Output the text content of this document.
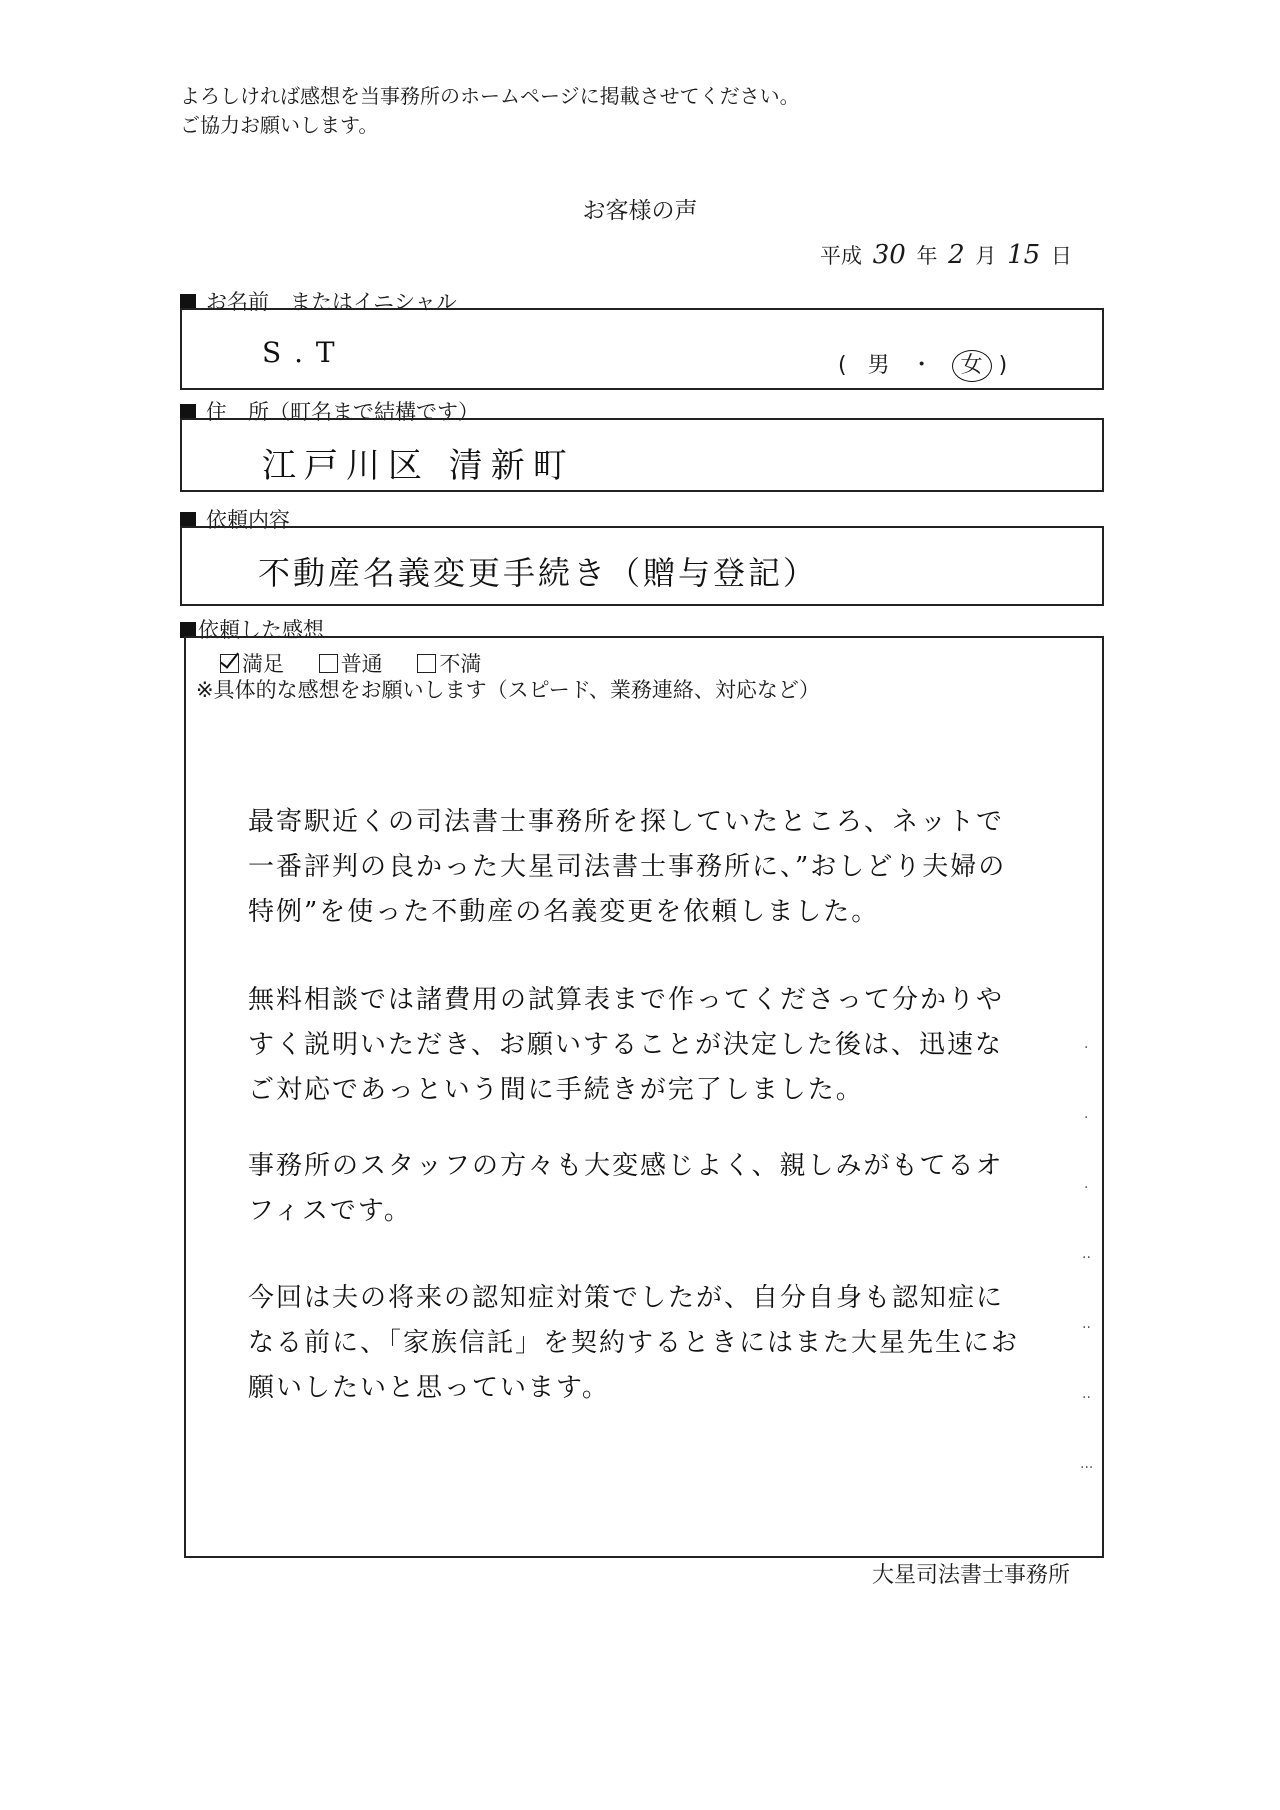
よろしければ感想を当事務所のホームページに掲載させてください。
ご協力お願いします。
お客様の声
平成 30 年 2 月 15 日
お名前　またはイニシャル
S . T	( 男 ・ 女 )
住　所（町名まで結構です）
江戸川区 清新町
依頼内容
不動産名義変更手続き（贈与登記）
依頼した感想
満足	普通	不満
※具体的な感想をお願いします（スピード、業務連絡、対応など）
最寄駅近くの司法書士事務所を探していたところ、ネットで一番評判の良かった大星司法書士事務所に、”おしどり夫婦の特例”を使った不動産の名義変更を依頼しました。
無料相談では諸費用の試算表まで作ってくださって分かりやすく説明いただき、お願いすることが決定した後は、迅速なご対応であっという間に手続きが完了しました。
事務所のスタッフの方々も大変感じよく、親しみがもてるオフィスです。
今回は夫の将来の認知症対策でしたが、自分自身も認知症になる前に、「家族信託」を契約するときにはまた大星先生にお願いしたいと思っています。
·
·
·
··
··
··
···
大星司法書士事務所
